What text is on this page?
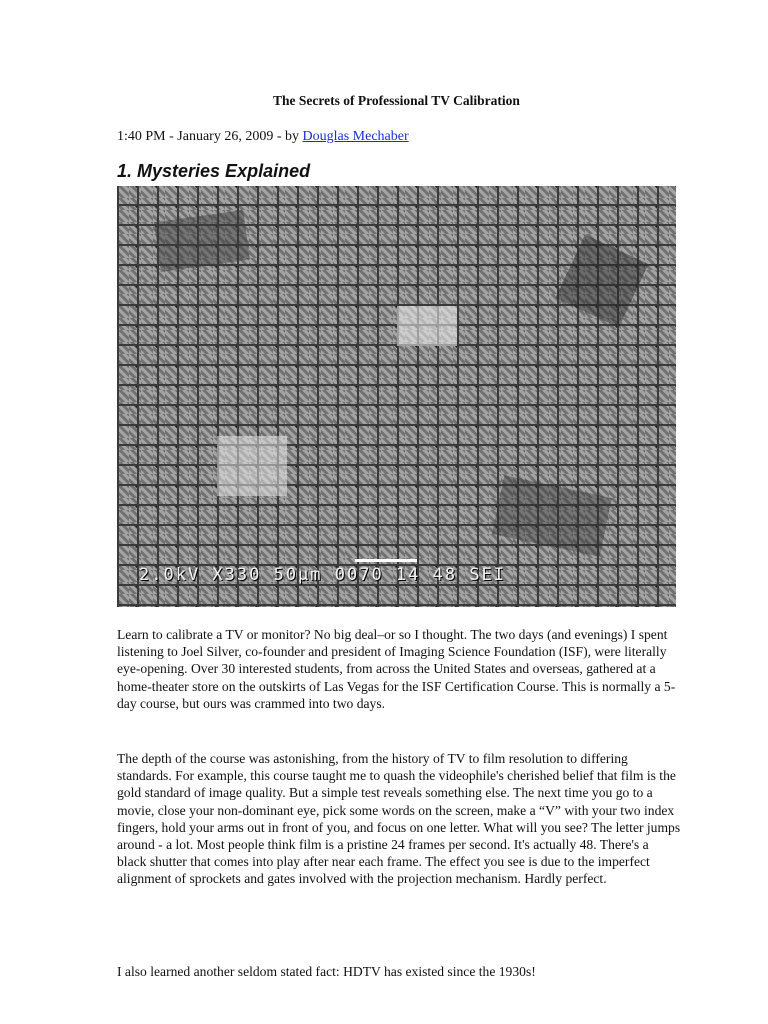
The Secrets of Professional TV Calibration
1:40 PM - January 26, 2009 - by Douglas Mechaber
1. Mysteries Explained
2.0kV X330 50µm 0070 14 48 SEI

Learn to calibrate a TV or monitor? No big deal–or so I thought. The two days (and evenings) I spent listening to Joel Silver, co-founder and president of Imaging Science Foundation (ISF), were literally eye-opening. Over 30 interested students, from across the United States and overseas, gathered at a home-theater store on the outskirts of Las Vegas for the ISF Certification Course. This is normally a 5-day course, but ours was crammed into two days.

The depth of the course was astonishing, from the history of TV to film resolution to differing standards. For example, this course taught me to quash the videophile's cherished belief that film is the gold standard of image quality. But a simple test reveals something else. The next time you go to a movie, close your non-dominant eye, pick some words on the screen, make a “V” with your two index fingers, hold your arms out in front of you, and focus on one letter. What will you see? The letter jumps around - a lot. Most people think film is a pristine 24 frames per second. It's actually 48. There's a black shutter that comes into play after near each frame. The effect you see is due to the imperfect alignment of sprockets and gates involved with the projection mechanism. Hardly perfect.

I also learned another seldom stated fact: HDTV has existed since the 1930s!
